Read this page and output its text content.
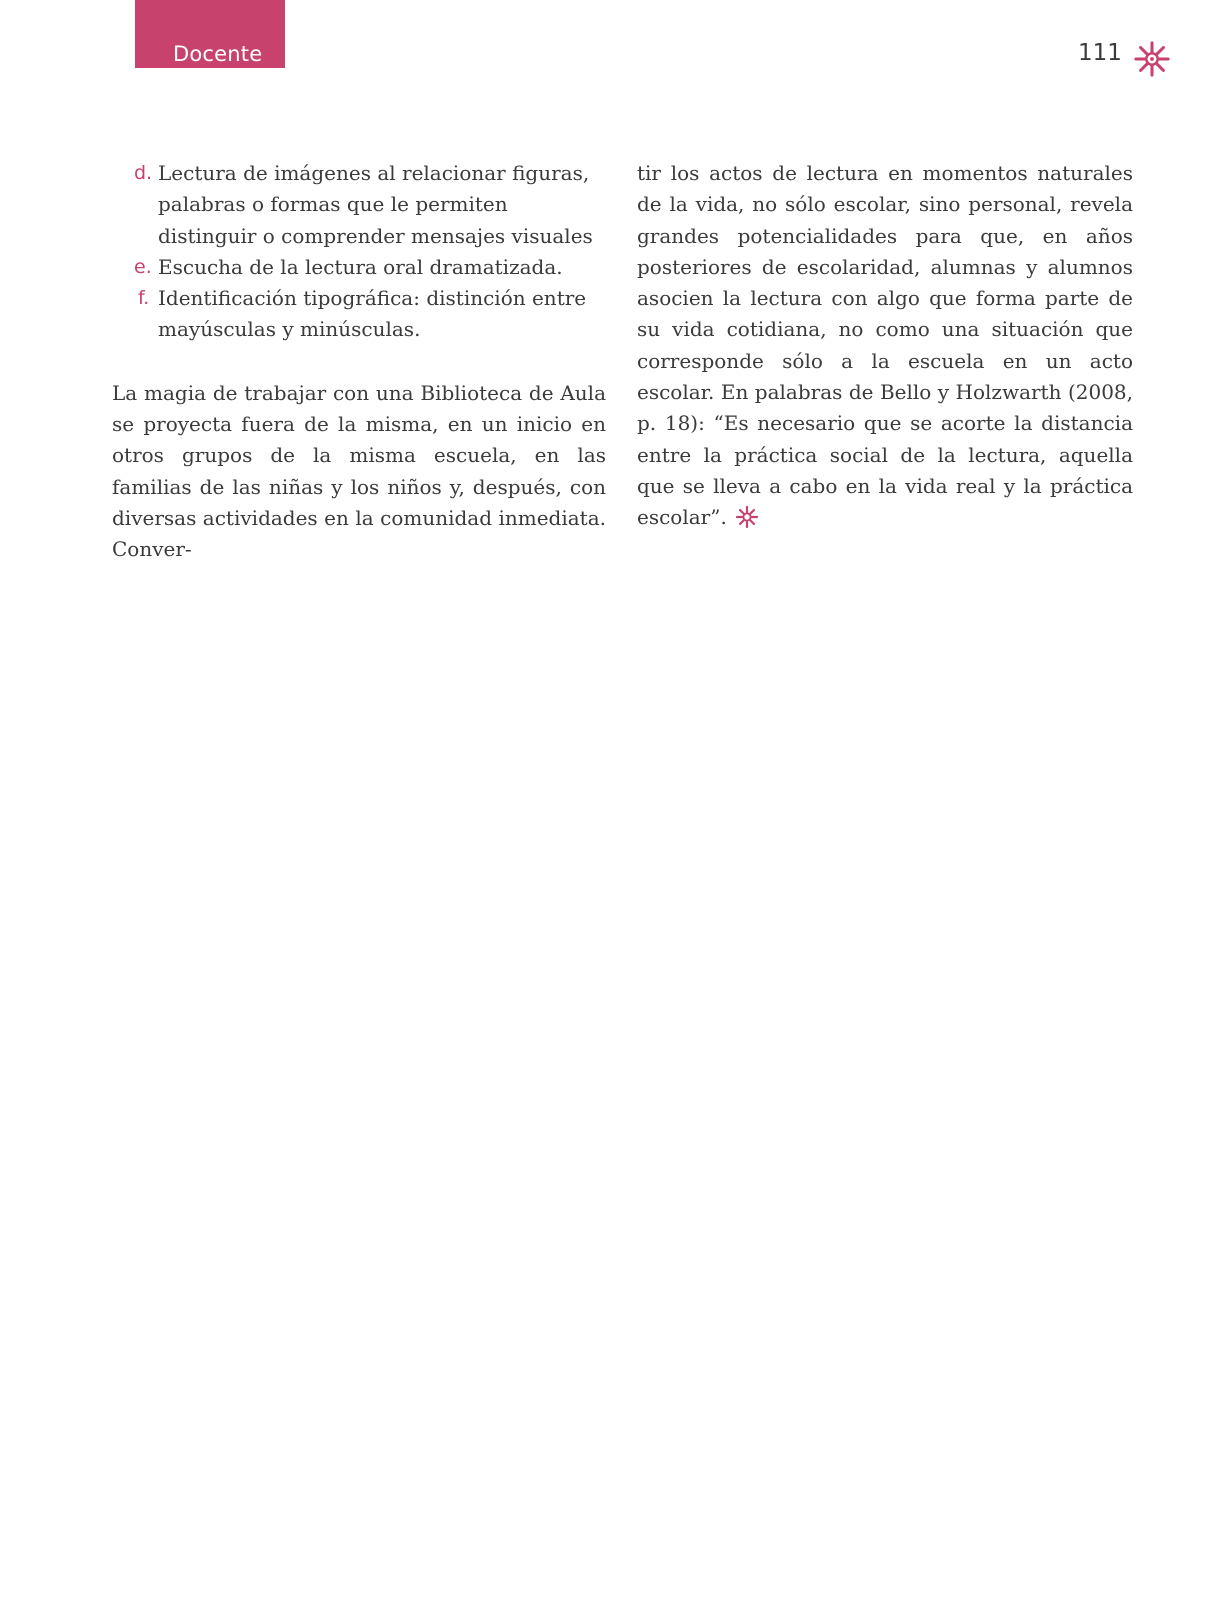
Docente	111
d. Lectura de imágenes al relacionar figuras, palabras o formas que le permiten distinguir o comprender mensajes visuales
e. Escucha de la lectura oral dramatizada.
f. Identificación tipográfica: distinción entre mayúsculas y minúsculas.

La magia de trabajar con una Biblioteca de Aula se proyecta fuera de la misma, en un inicio en otros grupos de la misma escuela, en las familias de las niñas y los niños y, después, con diversas actividades en la comunidad inmediata. Conver-

tir los actos de lectura en momentos naturales de la vida, no sólo escolar, sino personal, revela grandes potencialidades para que, en años posteriores de escolaridad, alumnas y alumnos asocien la lectura con algo que forma parte de su vida cotidiana, no como una situación que corresponde sólo a la escuela en un acto escolar. En palabras de Bello y Holzwarth (2008, p. 18): “Es necesario que se acorte la distancia entre la práctica social de la lectura, aquella que se lleva a cabo en la vida real y la práctica escolar”.
